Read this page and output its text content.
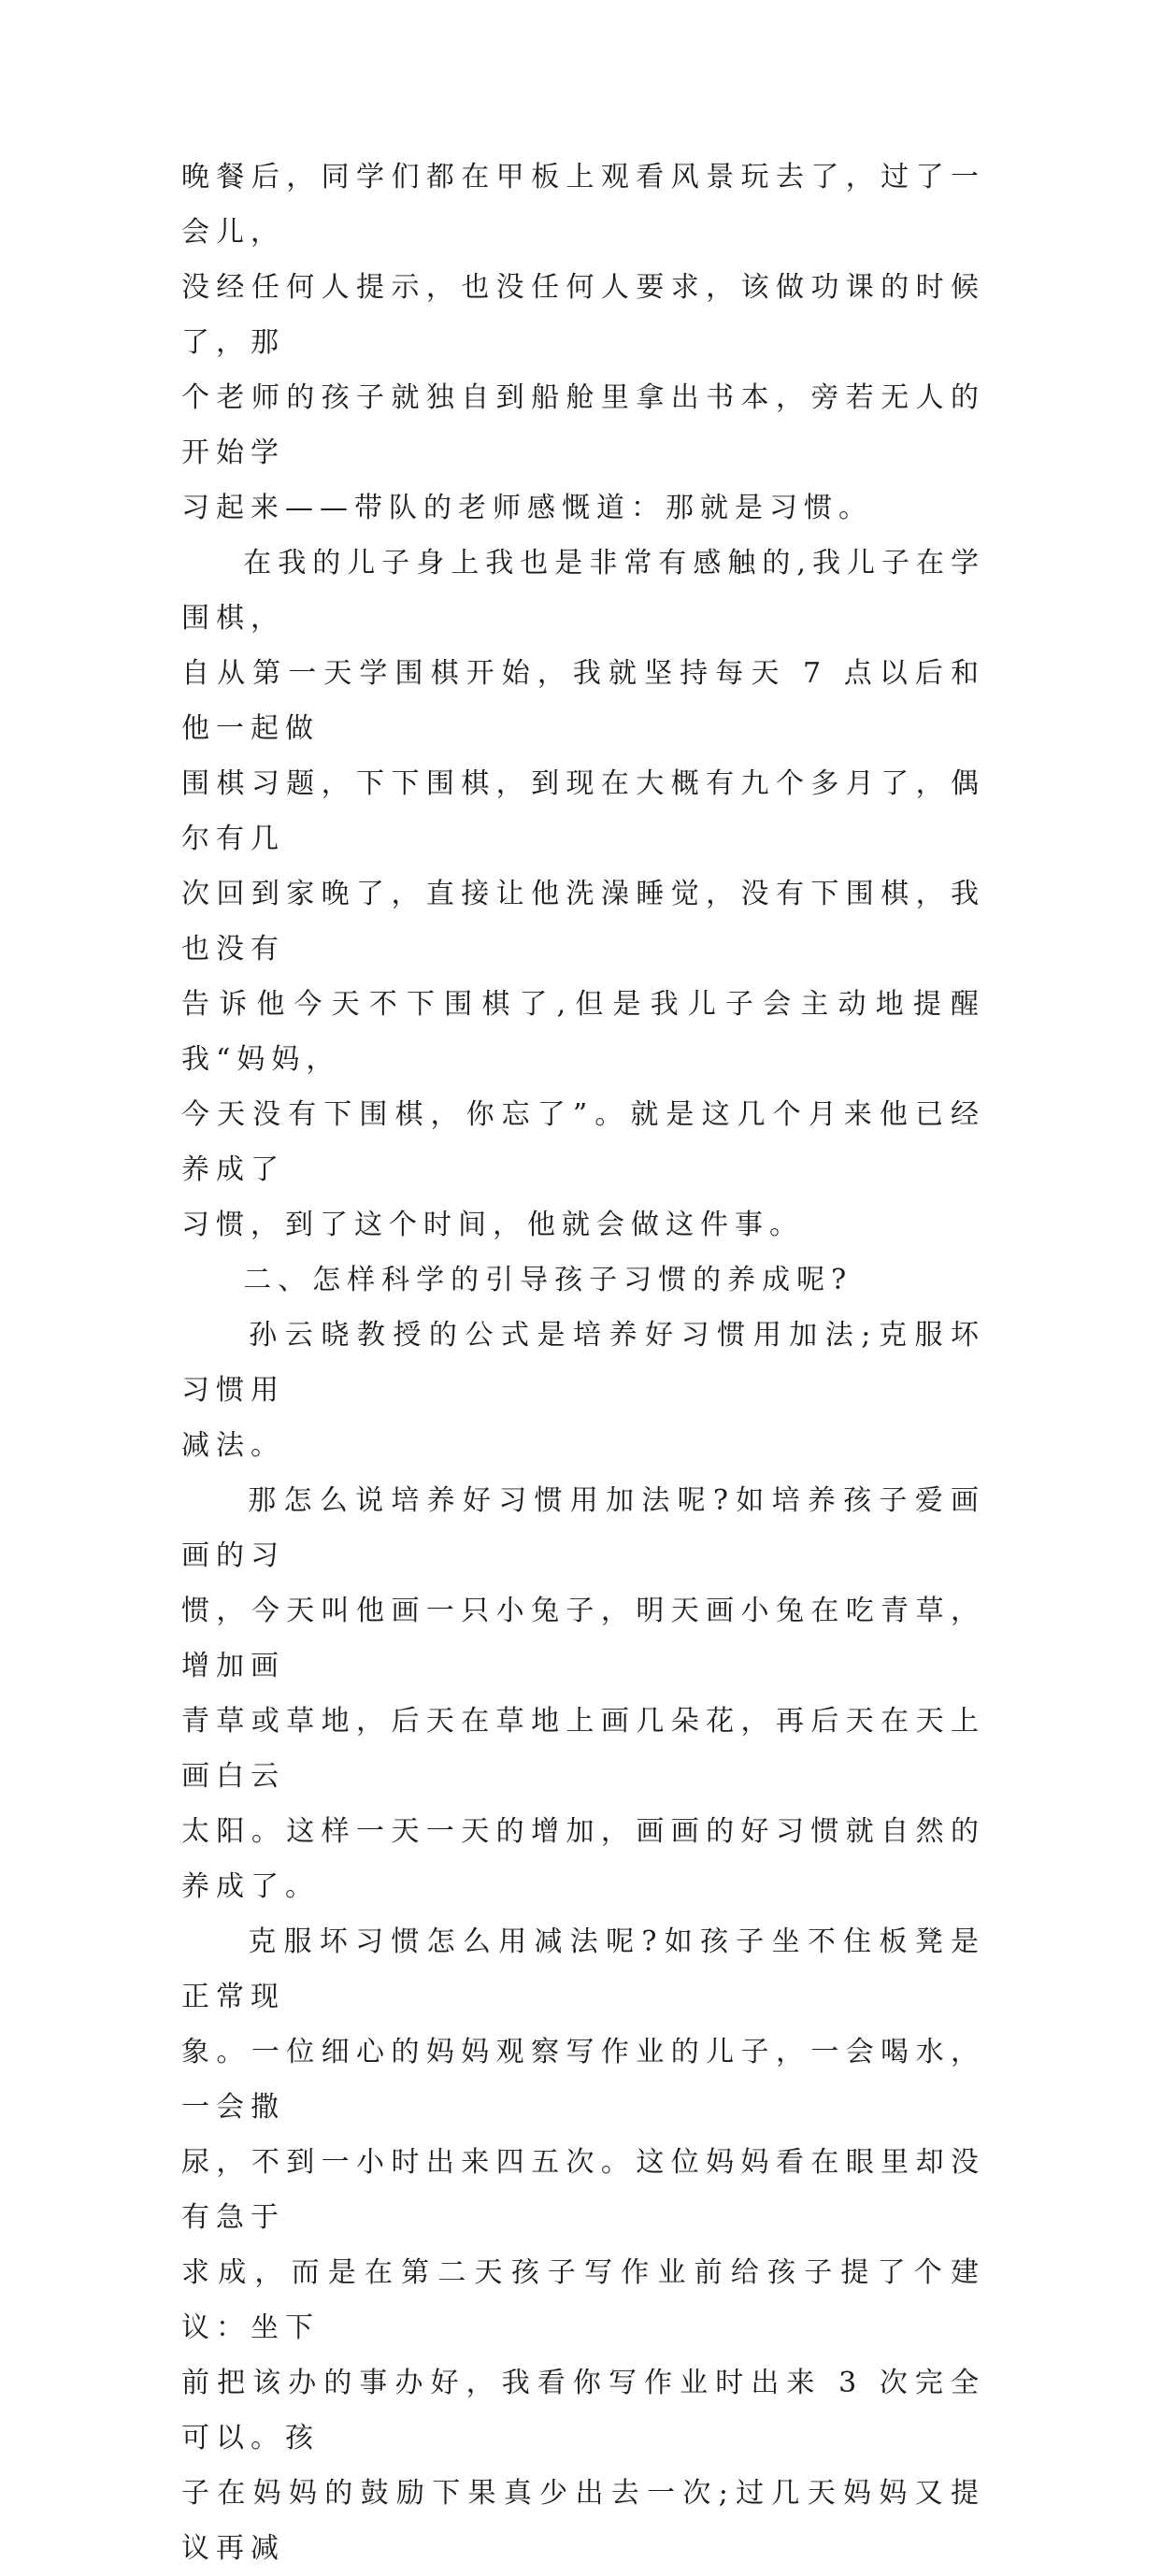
晚餐后，同学们都在甲板上观看风景玩去了，过了一会儿，
没经任何人提示，也没任何人要求，该做功课的时候了，那
个老师的孩子就独自到船舱里拿出书本，旁若无人的开始学
习起来——带队的老师感慨道：那就是习惯。

在我的儿子身上我也是非常有感触的,我儿子在学围棋，
自从第一天学围棋开始，我就坚持每天 7 点以后和他一起做
围棋习题，下下围棋，到现在大概有九个多月了，偶尔有几
次回到家晚了，直接让他洗澡睡觉，没有下围棋，我也没有
告诉他今天不下围棋了,但是我儿子会主动地提醒我“妈妈，
今天没有下围棋，你忘了”。就是这几个月来他已经养成了
习惯，到了这个时间，他就会做这件事。

二、怎样科学的引导孩子习惯的养成呢?

孙云晓教授的公式是培养好习惯用加法;克服坏习惯用
减法。

那怎么说培养好习惯用加法呢?如培养孩子爱画画的习
惯，今天叫他画一只小兔子，明天画小兔在吃青草，增加画
青草或草地，后天在草地上画几朵花，再后天在天上画白云
太阳。这样一天一天的增加，画画的好习惯就自然的养成了。

克服坏习惯怎么用减法呢?如孩子坐不住板凳是正常现
象。一位细心的妈妈观察写作业的儿子，一会喝水，一会撒
尿，不到一小时出来四五次。这位妈妈看在眼里却没有急于
求成，而是在第二天孩子写作业前给孩子提了个建议：坐下
前把该办的事办好，我看你写作业时出来 3 次完全可以。孩
子在妈妈的鼓励下果真少出去一次;过几天妈妈又提议再减
